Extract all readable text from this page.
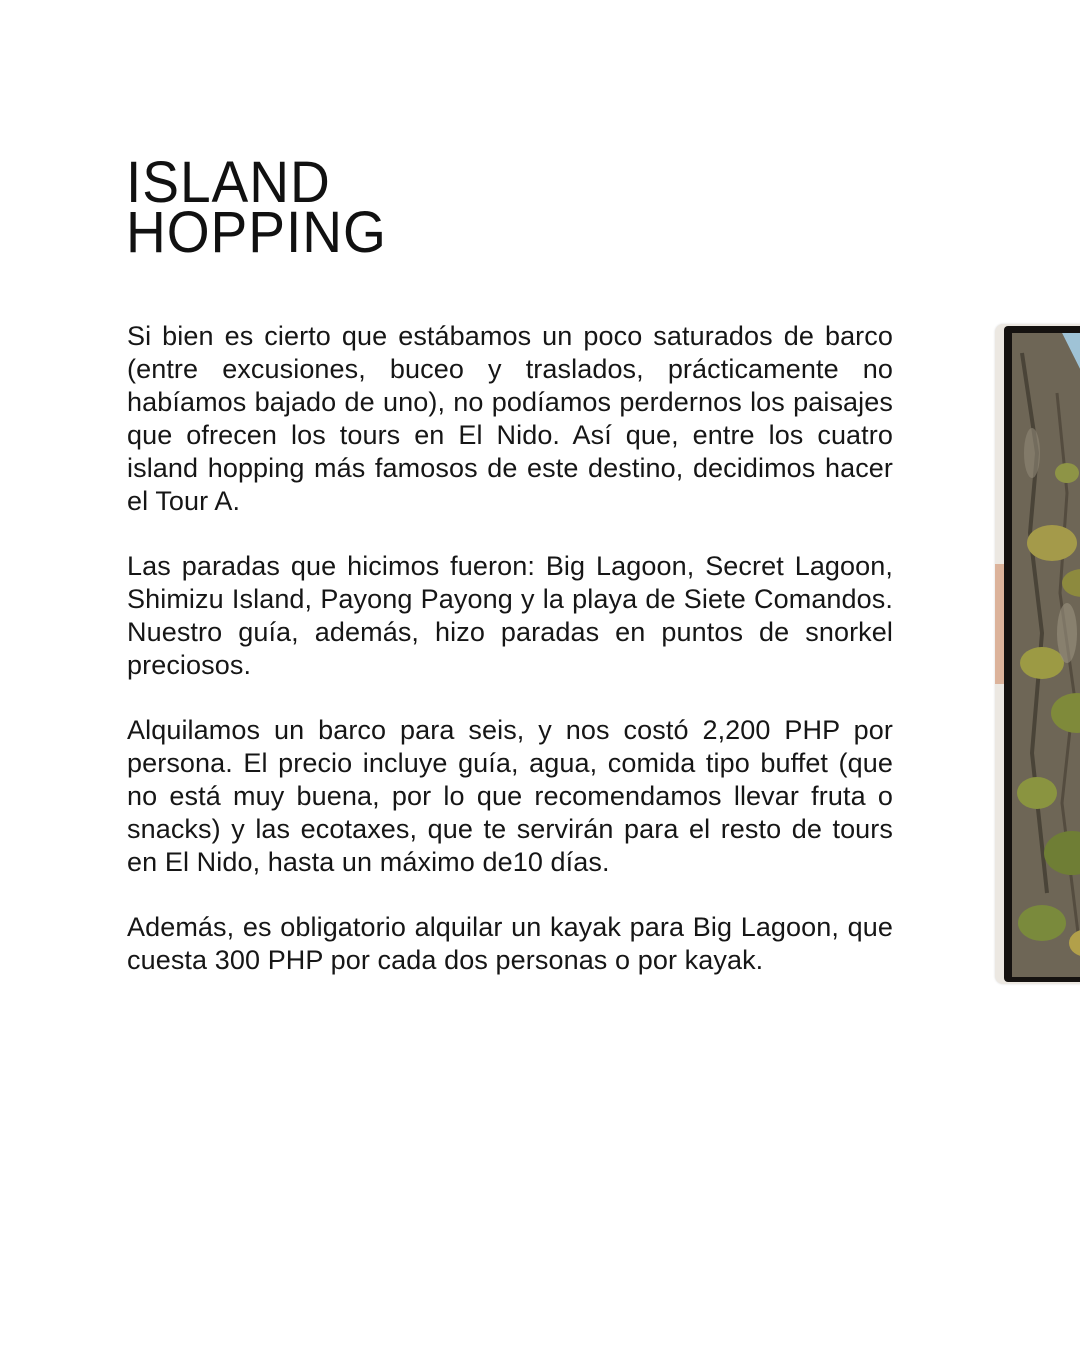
ISLAND
HOPPING

Si bien es cierto que estábamos un poco saturados de barco (entre excusiones, buceo y traslados, prácticamente no habíamos bajado de uno), no podíamos perdernos los paisajes que ofrecen los tours en El Nido. Así que, entre los cuatro island hopping más famosos de este destino, decidimos hacer el Tour A.

Las paradas que hicimos fueron: Big Lagoon, Secret Lagoon, Shimizu Island, Payong Payong y la playa de Siete Comandos. Nuestro guía, además, hizo paradas en puntos de snorkel preciosos.

Alquilamos un barco para seis, y nos costó 2,200 PHP por persona. El precio incluye guía, agua, comida tipo buffet (que no está muy buena, por lo que recomendamos llevar fruta o snacks) y las ecotaxes, que te servirán para el resto de tours en El Nido, hasta un máximo de10 días.

Además, es obligatorio alquilar un kayak para Big Lagoon, que cuesta 300 PHP por cada dos personas o por kayak.
